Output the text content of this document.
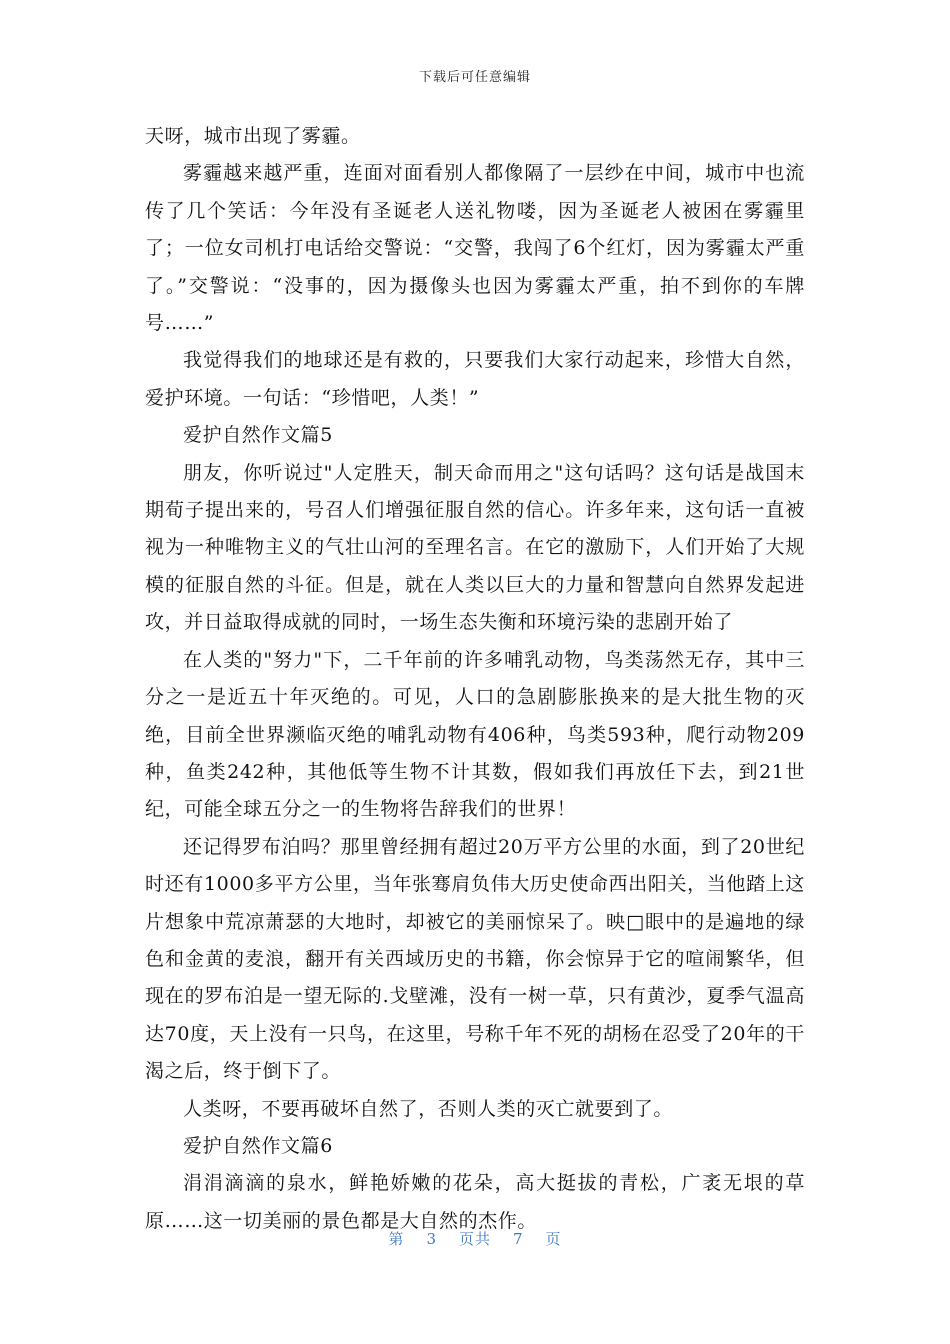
下载后可任意编辑

天呀，城市出现了雾霾。

雾霾越来越严重，连面对面看别人都像隔了一层纱在中间，城市中也流传了几个笑话：今年没有圣诞老人送礼物喽，因为圣诞老人被困在雾霾里了；一位女司机打电话给交警说：“交警，我闯了6个红灯，因为雾霾太严重了。”交警说：“没事的，因为摄像头也因为雾霾太严重，拍不到你的车牌号……”

我觉得我们的地球还是有救的，只要我们大家行动起来，珍惜大自然，爱护环境。一句话：“珍惜吧，人类！”

爱护自然作文篇5

朋友，你听说过"人定胜天，制天命而用之"这句话吗？这句话是战国末期荀子提出来的，号召人们增强征服自然的信心。许多年来，这句话一直被视为一种唯物主义的气壮山河的至理名言。在它的激励下，人们开始了大规模的征服自然的斗征。但是，就在人类以巨大的力量和智慧向自然界发起进攻，并日益取得成就的同时，一场生态失衡和环境污染的悲剧开始了

在人类的"努力"下，二千年前的许多哺乳动物，鸟类荡然无存，其中三分之一是近五十年灭绝的。可见，人口的急剧膨胀换来的是大批生物的灭绝，目前全世界濒临灭绝的哺乳动物有406种，鸟类593种，爬行动物209种，鱼类242种，其他低等生物不计其数，假如我们再放任下去，到21世纪，可能全球五分之一的生物将告辞我们的世界！

还记得罗布泊吗？那里曾经拥有超过20万平方公里的水面，到了20世纪时还有1000多平方公里，当年张骞肩负伟大历史使命西出阳关，当他踏上这片想象中荒凉萧瑟的大地时，却被它的美丽惊呆了。映□眼中的是遍地的绿色和金黄的麦浪，翻开有关西域历史的书籍，你会惊异于它的喧闹繁华，但现在的罗布泊是一望无际的.戈壁滩，没有一树一草，只有黄沙，夏季气温高达70度，天上没有一只鸟，在这里，号称千年不死的胡杨在忍受了20年的干渴之后，终于倒下了。

人类呀，不要再破坏自然了，否则人类的灭亡就要到了。

爱护自然作文篇6

涓涓滴滴的泉水，鲜艳娇嫩的花朵，高大挺拔的青松，广袤无垠的草原……这一切美丽的景色都是大自然的杰作。

第 3 页共 7 页
